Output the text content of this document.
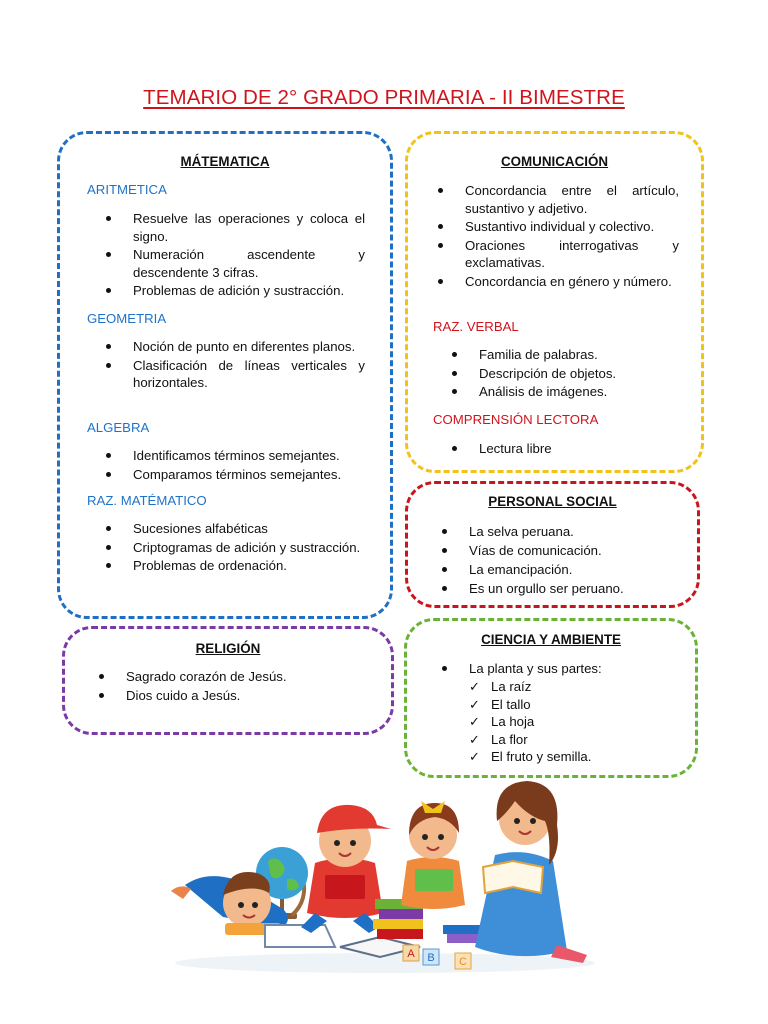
TEMARIO DE 2° GRADO PRIMARIA - II BIMESTRE

MÁTEMATICA

ARITMETICA

Resuelve las operaciones y coloca el signo.
Numeración ascendente y descendente 3 cifras.
Problemas de adición y sustracción.

GEOMETRIA

Noción de punto en diferentes planos.
Clasificación de líneas verticales y horizontales.

ALGEBRA

Identificamos términos semejantes.
Comparamos términos semejantes.

RAZ. MATÉMATICO

Sucesiones alfabéticas
Criptogramas de adición y sustracción.
Problemas de ordenación.

COMUNICACIÓN

Concordancia entre el artículo, sustantivo y adjetivo.
Sustantivo individual y colectivo.
Oraciones interrogativas y exclamativas.
Concordancia en género y número.

RAZ. VERBAL

Familia de palabras.
Descripción de objetos.
Análisis de imágenes.

COMPRENSIÓN LECTORA

Lectura libre

PERSONAL SOCIAL

La selva peruana.
Vías de comunicación.
La emancipación.
Es un orgullo ser peruano.

RELIGIÓN

Sagrado corazón de Jesús.
Dios cuido a Jesús.

CIENCIA Y AMBIENTE

La planta y sus partes:
✓ La raíz
✓ El tallo
✓ La hoja
✓ La flor
✓ El fruto y semilla.
A B C
